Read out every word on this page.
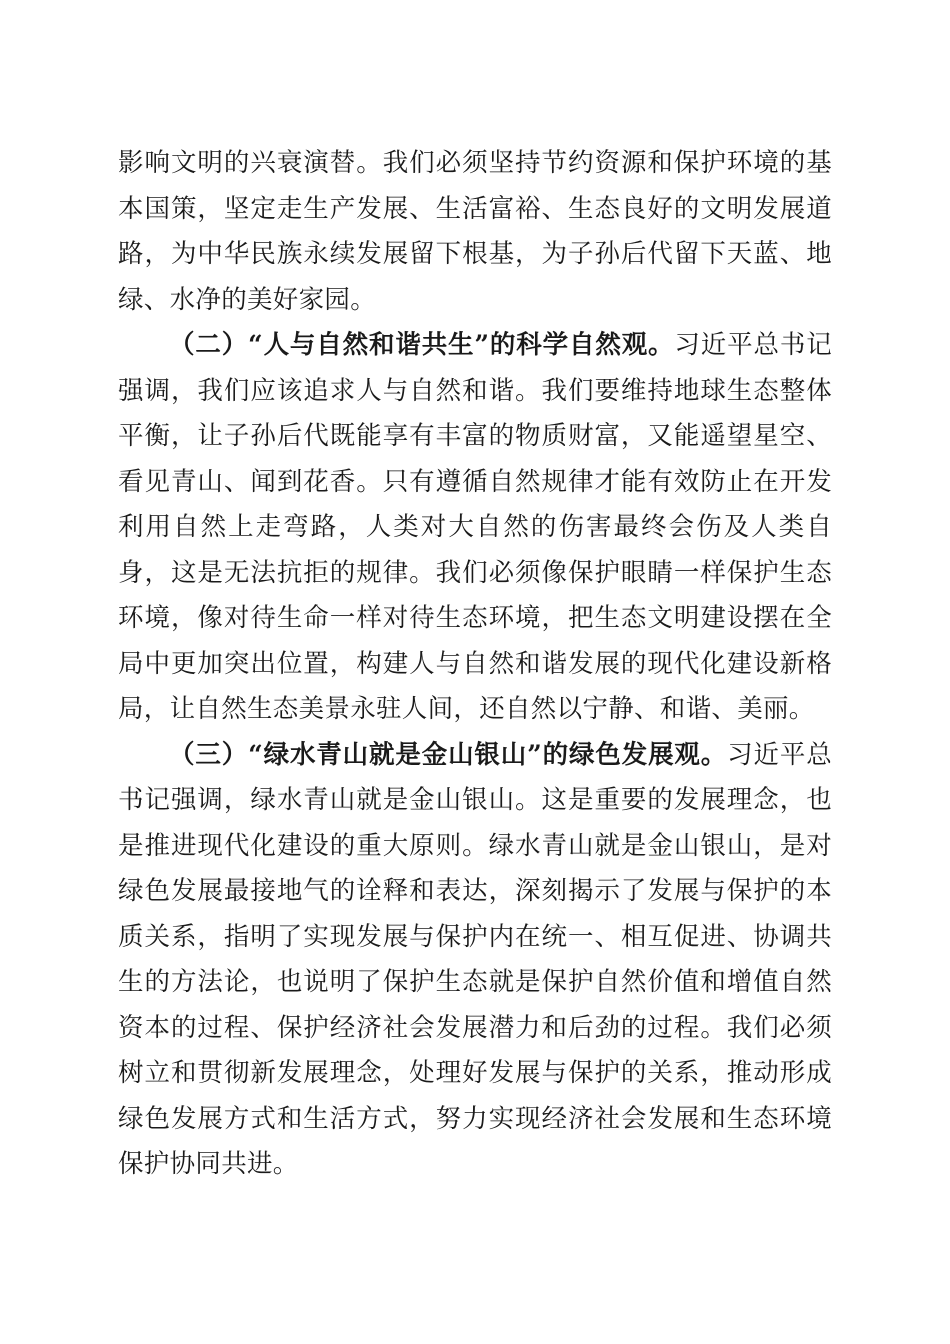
影响文明的兴衰演替。我们必须坚持节约资源和保护环境的基本国策，坚定走生产发展、生活富裕、生态良好的文明发展道路，为中华民族永续发展留下根基，为子孙后代留下天蓝、地绿、水净的美好家园。

（二）“人与自然和谐共生”的科学自然观。习近平总书记强调，我们应该追求人与自然和谐。我们要维持地球生态整体平衡，让子孙后代既能享有丰富的物质财富，又能遥望星空、看见青山、闻到花香。只有遵循自然规律才能有效防止在开发利用自然上走弯路，人类对大自然的伤害最终会伤及人类自身，这是无法抗拒的规律。我们必须像保护眼睛一样保护生态环境，像对待生命一样对待生态环境，把生态文明建设摆在全局中更加突出位置，构建人与自然和谐发展的现代化建设新格局，让自然生态美景永驻人间，还自然以宁静、和谐、美丽。

（三）“绿水青山就是金山银山”的绿色发展观。习近平总书记强调，绿水青山就是金山银山。这是重要的发展理念，也是推进现代化建设的重大原则。绿水青山就是金山银山，是对绿色发展最接地气的诠释和表达，深刻揭示了发展与保护的本质关系，指明了实现发展与保护内在统一、相互促进、协调共生的方法论，也说明了保护生态就是保护自然价值和增值自然资本的过程、保护经济社会发展潜力和后劲的过程。我们必须树立和贯彻新发展理念，处理好发展与保护的关系，推动形成绿色发展方式和生活方式，努力实现经济社会发展和生态环境保护协同共进。
